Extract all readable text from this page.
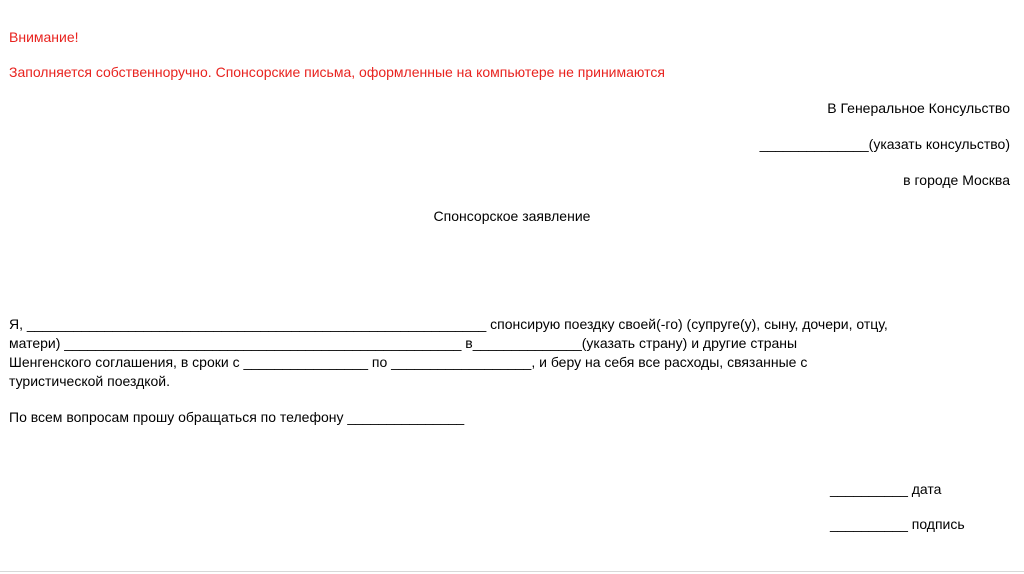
Внимание!
Заполняется собственноручно. Спонсорские письма, оформленные на компьютере не принимаются
В Генеральное Консульство
______________(указать консульство)
в городе Москва
Спонсорское заявление
Я, ___________________________________________________________ спонсирую поездку своей(-го) (супруге(у), сыну, дочери, отцу,
матери) ___________________________________________________ в______________(указать страну) и другие страны
Шенгенского соглашения, в сроки с ________________ по __________________, и беру на себя все расходы, связанные с
туристической поездкой.
По всем вопросам прошу обращаться по телефону _______________
__________ дата
__________ подпись
